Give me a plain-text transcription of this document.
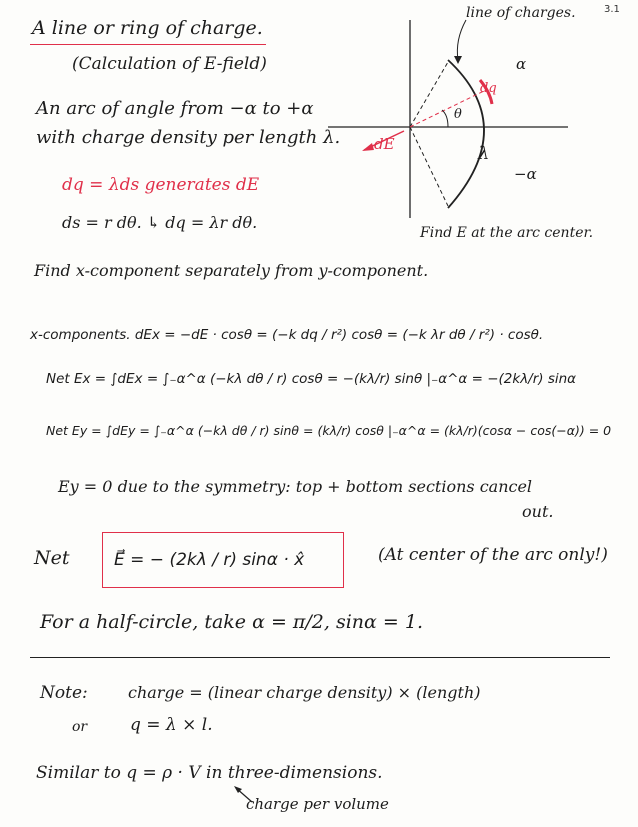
3.1
A line or ring of charge.
(Calculation of E-field)
An arc of angle from −α to +α
with charge density per length λ.
dq = λds generates dE
ds = r dθ. ↳ dq = λr dθ.
Find E at the arc center.
line of charges.
α
−α
dq
θ
λ
dE
Find x-component separately from y-component.
x-components. dEx = −dE · cosθ = (−k dq / r²) cosθ = (−k λr dθ / r²) · cosθ.
Net Ex = ∫dEx = ∫₋α^α (−kλ dθ / r) cosθ = −(kλ/r) sinθ |₋α^α = −(2kλ/r) sinα
Net Ey = ∫dEy = ∫₋α^α (−kλ dθ / r) sinθ = (kλ/r) cosθ |₋α^α = (kλ/r)(cosα − cos(−α)) = 0
Ey = 0 due to the symmetry: top + bottom sections cancel
out.
Net	E⃗ = − (2kλ / r) sinα · x̂	(At center of the arc only!)
For a half-circle, take α = π/2, sinα = 1.
Note:	charge = (linear charge density) × (length)
or	q = λ × l.
Similar to q = ρ · V in three-dimensions.
charge per volume
